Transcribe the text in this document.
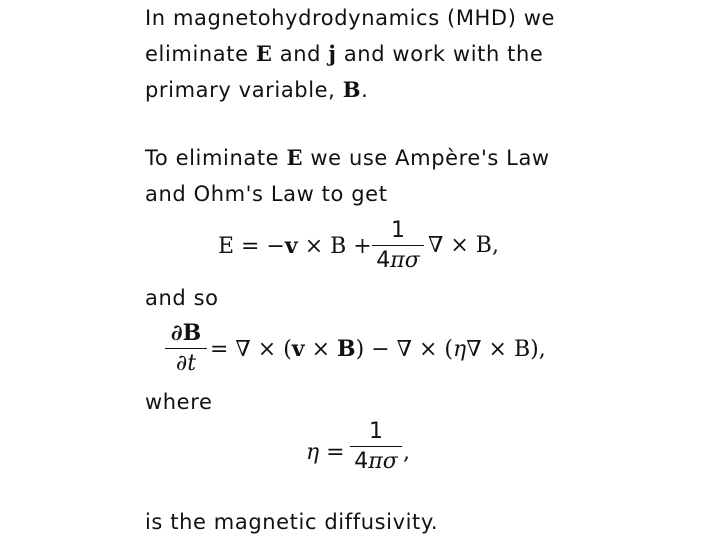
In magnetohydrodynamics (MHD) we
eliminate E and j and work with the
primary variable, B.
To eliminate E we use Ampère's Law
and Ohm's Law to get
E = −v × B +
1
4πσ
∇ × B,
and so
∂B
∂t
= ∇ × (v × B) − ∇ × (η∇ × B),
where
η =
1
4πσ ,
is the magnetic diffusivity.
